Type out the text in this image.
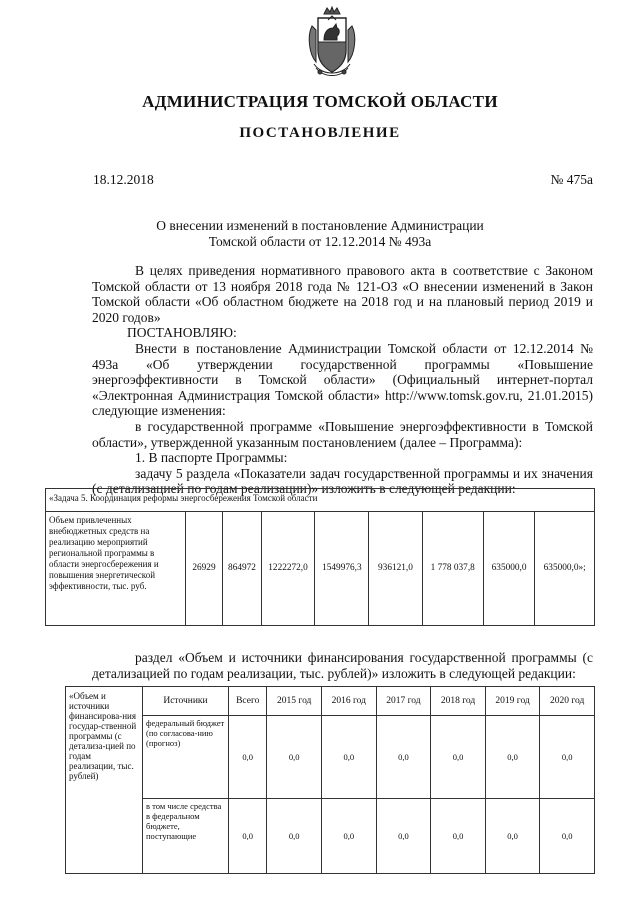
АДМИНИСТРАЦИЯ ТОМСКОЙ ОБЛАСТИ
ПОСТАНОВЛЕНИЕ
18.12.2018	№ 475а
О внесении изменений в постановление Администрации
Томской области от 12.12.2014 № 493а

В целях приведения нормативного правового акта в соответствие с Законом Томской области от 13 ноября 2018 года № 121-ОЗ «О внесении изменений в Закон Томской области «Об областном бюджете на 2018 год и на плановый период 2019 и 2020 годов»

ПОСТАНОВЛЯЮ:

Внести в постановление Администрации Томской области от 12.12.2014 № 493а «Об утверждении государственной программы «Повышение энергоэффективности в Томской области» (Официальный интернет-портал «Электронная Администрация Томской области» http://www.tomsk.gov.ru, 21.01.2015) следующие изменения:

в государственной программе «Повышение энергоэффективности в Томской области», утвержденной указанным постановлением (далее – Программа):

1. В паспорте Программы:

задачу 5 раздела «Показатели задач государственной программы и их значения (с детализацией по годам реализации)» изложить в следующей редакции:

«Задача 5. Координация реформы энергосбережения Томской области
Объем привлеченных внебюджетных средств на реализацию мероприятий региональной программы в области энергосбережения и повышения энергетической эффективности, тыс. руб.	26929	864972	1222272,0	1549976,3	936121,0	1 778 037,8	635000,0	635000,0»;
раздел «Объем и источники финансирования государственной программы (с детализацией по годам реализации, тыс. рублей)» изложить в следующей редакции:
«Объем и источники финансирова-ния государ-ственной программы (с детализа-цией по годам реализации, тыс. рублей)	Источники	Всего	2015 год	2016 год	2017 год	2018 год	2019 год	2020 год
	федеральный бюджет (по согласова-нию (прогноз)	0,0	0,0	0,0	0,0	0,0	0,0	0,0
	в том числе средства в федеральном бюджете, поступающие	0,0	0,0	0,0	0,0	0,0	0,0	0,0
